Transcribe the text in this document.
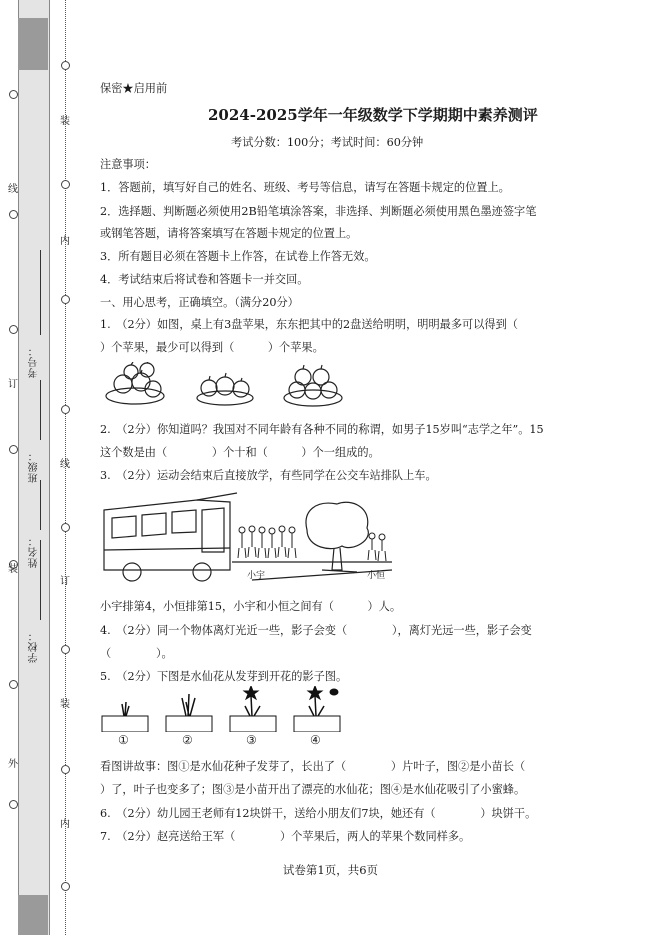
装
内
线
订
装
内
线
订
装
外
学校：
姓名：
班级：
考号：
保密★启用前
2024-2025学年一年级数学下学期期中素养测评
考试分数：100分；考试时间：60分钟
注意事项：
1．答题前，填写好自己的姓名、班级、考号等信息，请写在答题卡规定的位置上。
2．选择题、判断题必须使用2B铅笔填涂答案，非选择、判断题必须使用黑色墨迹签字笔
或钢笔答题，请将答案填写在答题卡规定的位置上。
3．所有题目必须在答题卡上作答，在试卷上作答无效。
4．考试结束后将试卷和答题卡一并交回。
一、用心思考，正确填空。（满分20分）
1.　（2分）如图，桌上有3盘苹果，东东把其中的2盘送给明明，明明最多可以得到（
）个苹果，最少可以得到（　　　）个苹果。
2.　（2分）你知道吗？我国对不同年龄有各种不同的称谓，如男子15岁叫“志学之年”。15
这个数是由（　　　　）个十和（　　　）个一组成的。
3.　（2分）运动会结束后直接放学，有些同学在公交车站排队上车。
小宇	小恒
小宇排第4，小恒排第15，小宇和小恒之间有（　　　）人。
4.　（2分）同一个物体离灯光近一些，影子会变（　　　　），离灯光远一些，影子会变
（　　　　）。
5.　（2分）下图是水仙花从发芽到开花的影子图。
①	②	③	④
看图讲故事：图①是水仙花种子发芽了，长出了（　　　　）片叶子，图②是小苗长（
）了，叶子也变多了；图③是小苗开出了漂亮的水仙花；图④是水仙花吸引了小蜜蜂。
6.　（2分）幼儿园王老师有12块饼干，送给小朋友们7块，她还有（　　　　）块饼干。
7.　（2分）赵亮送给王军（　　　　）个苹果后，两人的苹果个数同样多。
试卷第1页，共6页
